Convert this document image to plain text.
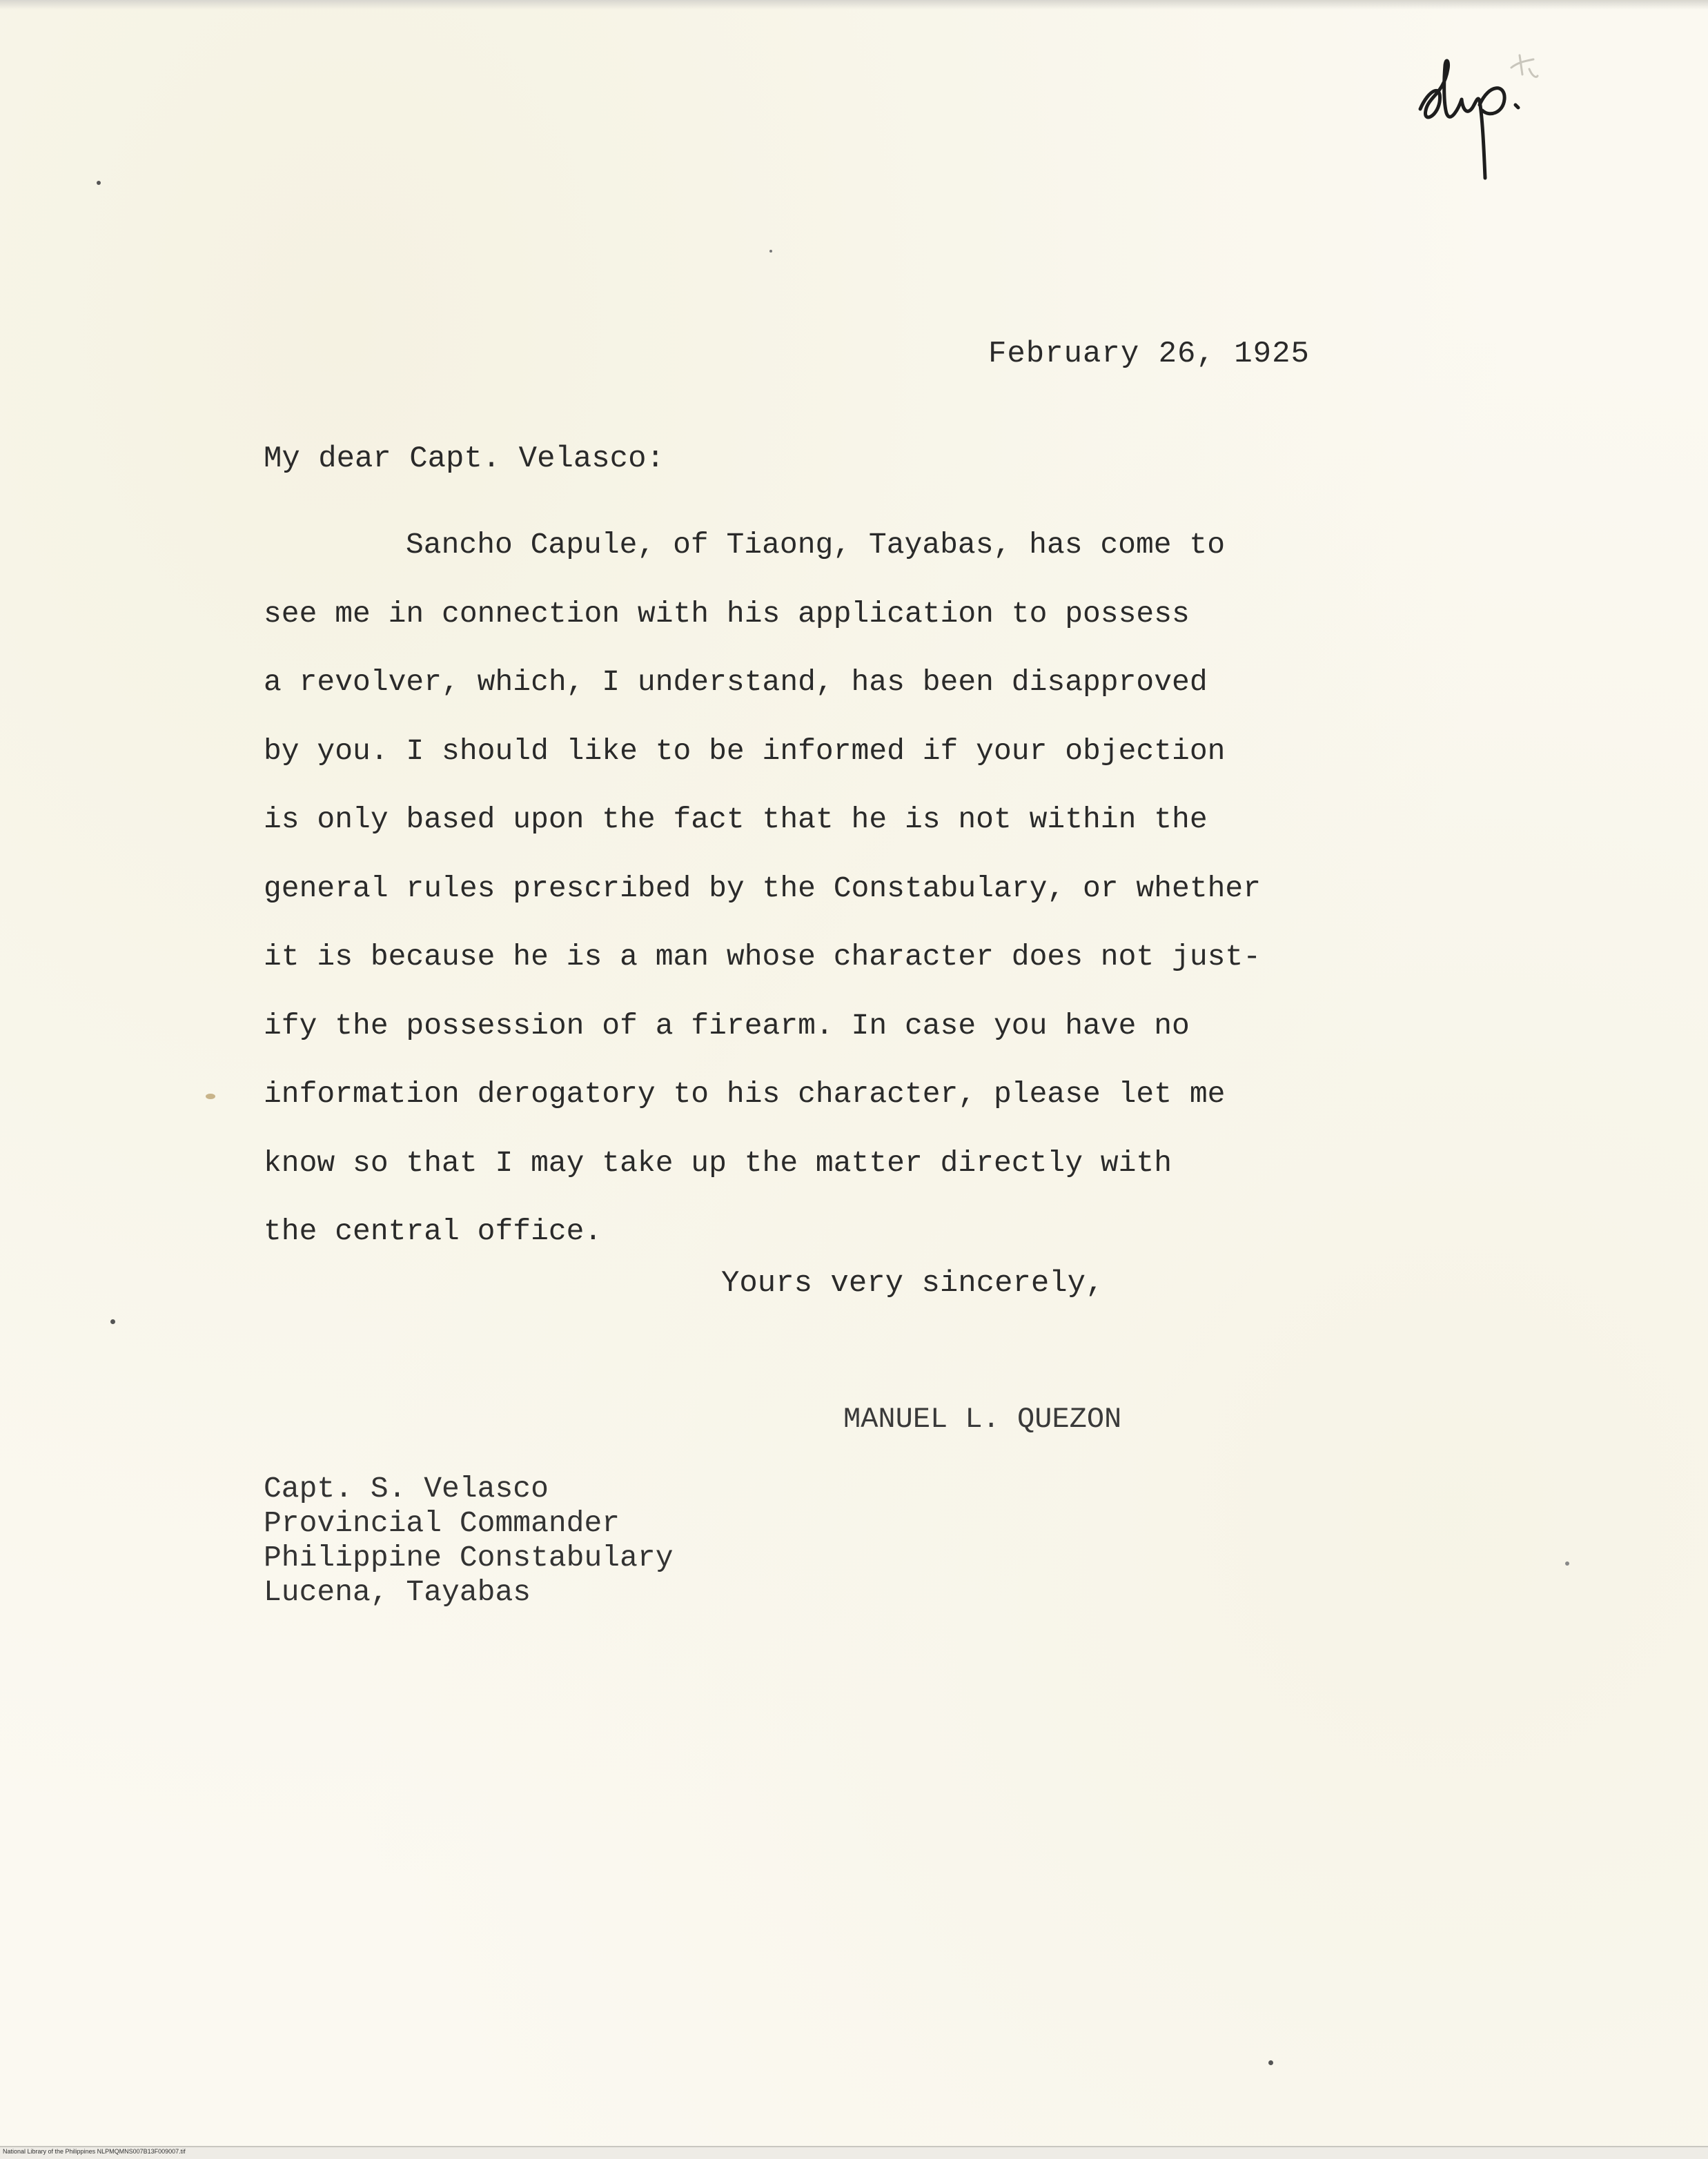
February 26, 1925
My dear Capt. Velasco:
Sancho Capule, of Tiaong, Tayabas, has come to
see me in connection with his application to possess
a revolver, which, I understand, has been disapproved
by you. I should like to be informed if your objection
is only based upon the fact that he is not within the
general rules prescribed by the Constabulary, or whether
it is because he is a man whose character does not just-
ify the possession of a firearm. In case you have no
information derogatory to his character, please let me
know so that I may take up the matter directly with
the central office.
Yours very sincerely,
MANUEL L. QUEZON
Capt. S. Velasco
Provincial Commander
Philippine Constabulary
Lucena, Tayabas
National Library of the Philippines NLPMQMNS007B13F009007.tif
